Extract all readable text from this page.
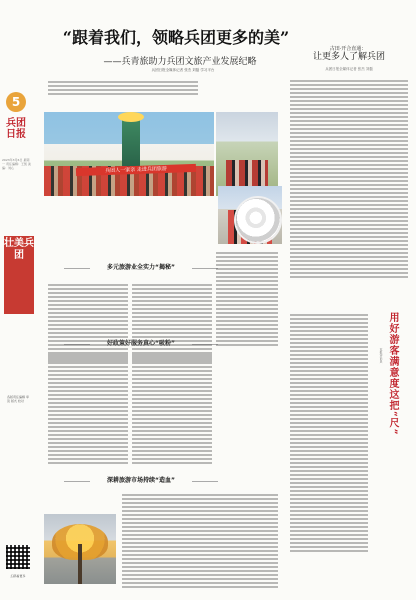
5
兵团日报
2023年3月6日 星期一 责任编辑：王凯 美编：刘心
壮美兵团
各版责任编辑 审读 版式 校对
扫码看更多
“跟着我们，领略兵团更多的美”
——兵青旅助力兵团文旅产业发展纪略
兵团日报全媒体记者 张杰 刘磊 学习平台
兵团人一家亲 走进兵团旅游
多元旅游业全实力“揭秘”
好政策好服务真心“吸粉”
深耕旅游市场持续“造血”
古田·开合直通：
让更多人了解兵团
兵团日报全媒体记者 张杰 刘磊
用好游客满意度这把“尺”
本报评论员
